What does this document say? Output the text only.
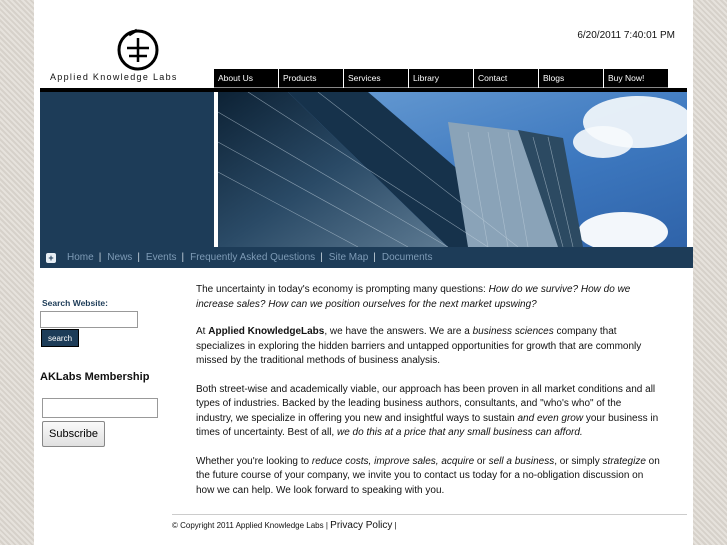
Applied Knowledge Labs
6/20/2011 7:40:01 PM
About Us	Products	Services	Library	Contact	Blogs	Buy Now!
+ Home | News | Events | Frequently Asked Questions | Site Map | Documents
Search Website:
search
AKLabs Membership
Subscribe

The uncertainty in today's economy is prompting many questions: How do we survive? How do we increase sales? How can we position ourselves for the next market upswing?

At Applied KnowledgeLabs, we have the answers. We are a business sciences company that specializes in exploring the hidden barriers and untapped opportunities for growth that are commonly missed by the traditional methods of business analysis.

Both street-wise and academically viable, our approach has been proven in all market conditions and all types of industries. Backed by the leading business authors, consultants, and "who's who" of the industry, we specialize in offering you new and insightful ways to sustain and even grow your business in times of uncertainty. Best of all, we do this at a price that any small business can afford.

Whether you're looking to reduce costs, improve sales, acquire or sell a business, or simply strategize on the future course of your company, we invite you to contact us today for a no-obligation discussion on how we can help. We look forward to speaking with you.

© Copyright 2011 Applied Knowledge Labs | Privacy Policy |
